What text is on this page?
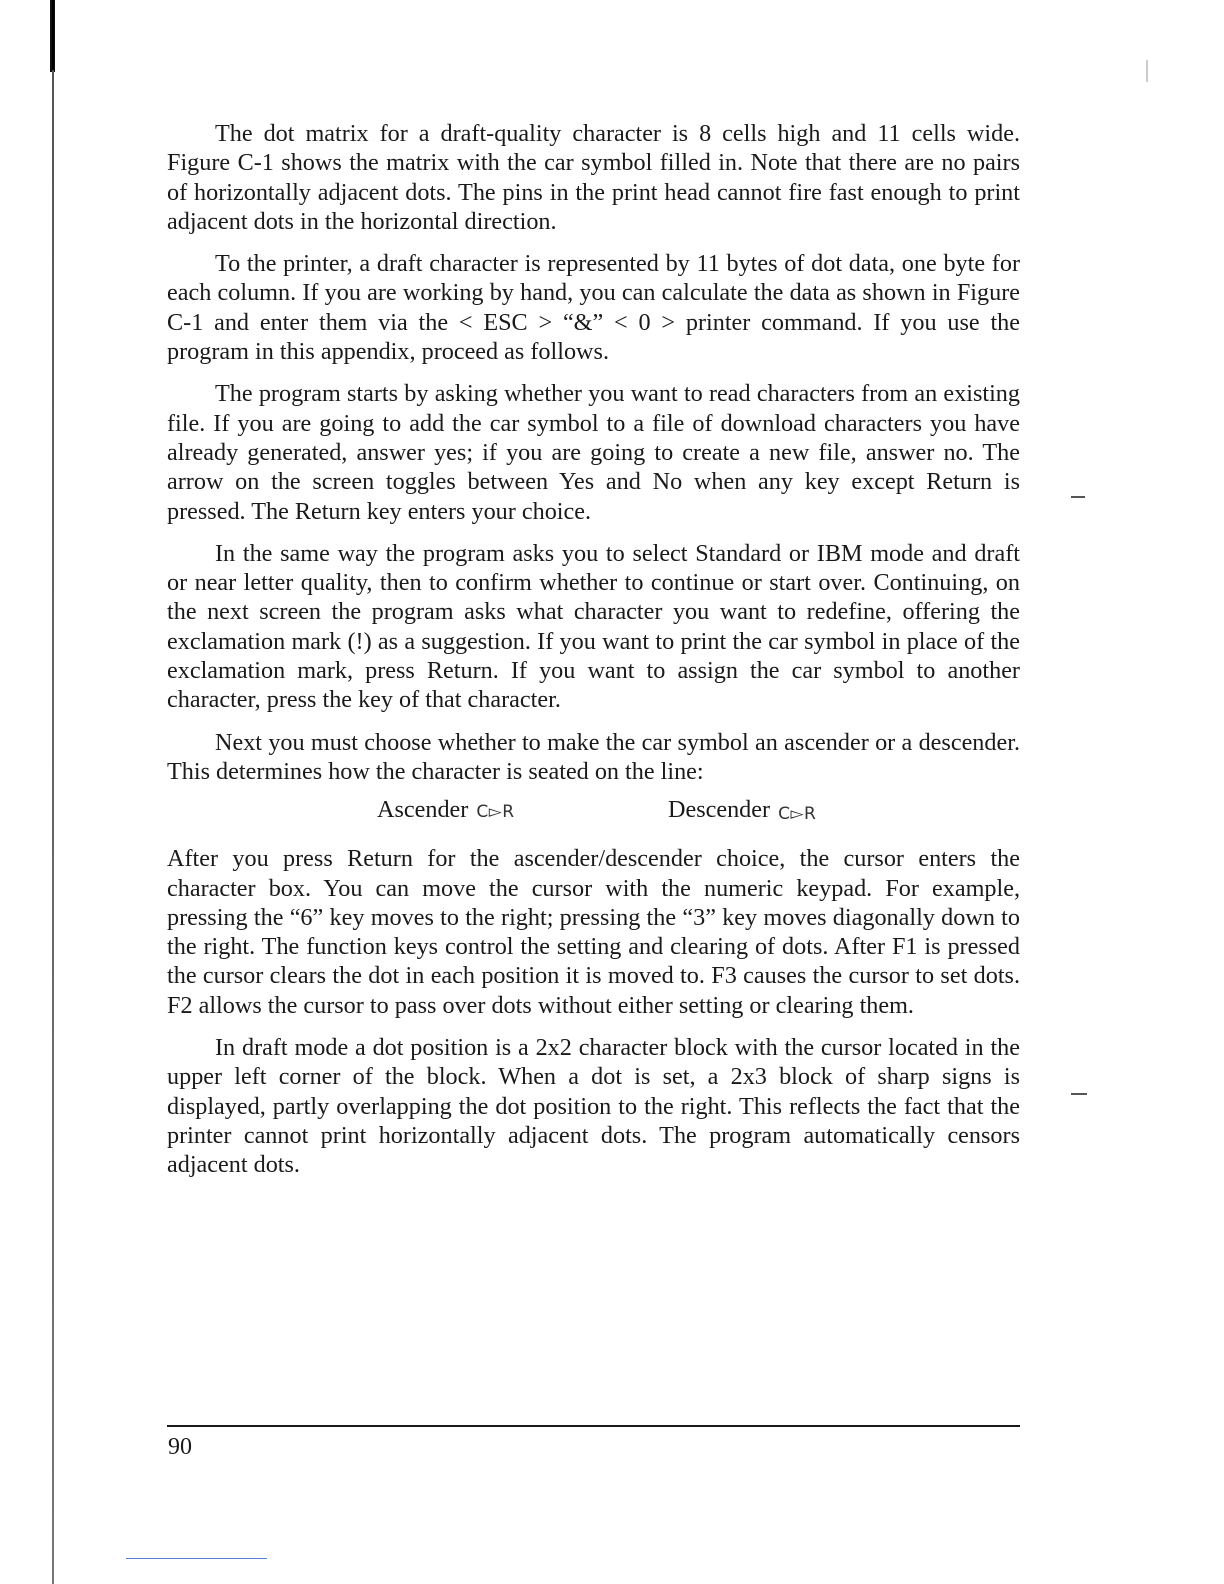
The dot matrix for a draft-quality character is 8 cells high and 11 cells wide. Figure C-1 shows the matrix with the car symbol filled in. Note that there are no pairs of horizontally adjacent dots. The pins in the print head cannot fire fast enough to print adjacent dots in the horizontal direction.

To the printer, a draft character is represented by 11 bytes of dot data, one byte for each column. If you are working by hand, you can calculate the data as shown in Figure C-1 and enter them via the < ESC > “&” < 0 > printer command. If you use the program in this appendix, proceed as follows.

The program starts by asking whether you want to read characters from an existing file. If you are going to add the car symbol to a file of download characters you have already generated, answer yes; if you are going to create a new file, answer no. The arrow on the screen toggles between Yes and No when any key except Return is pressed. The Return key enters your choice.

In the same way the program asks you to select Standard or IBM mode and draft or near letter quality, then to confirm whether to continue or start over. Continuing, on the next screen the program asks what character you want to redefine, offering the exclamation mark (!) as a suggestion. If you want to print the car symbol in place of the exclamation mark, press Return. If you want to assign the car symbol to another character, press the key of that character.

Next you must choose whether to make the car symbol an ascender or a descender. This determines how the character is seated on the line:

Ascender C▻R	Descender C▻R

After you press Return for the ascender/descender choice, the cursor enters the character box. You can move the cursor with the numeric keypad. For example, pressing the “6” key moves to the right; pressing the “3” key moves diagonally down to the right. The function keys control the setting and clearing of dots. After F1 is pressed the cursor clears the dot in each position it is moved to. F3 causes the cursor to set dots. F2 allows the cursor to pass over dots without either setting or clearing them.

In draft mode a dot position is a 2x2 character block with the cursor located in the upper left corner of the block. When a dot is set, a 2x3 block of sharp signs is displayed, partly overlapping the dot position to the right. This reflects the fact that the printer cannot print horizontally adjacent dots. The program automatically censors adjacent dots.

90
